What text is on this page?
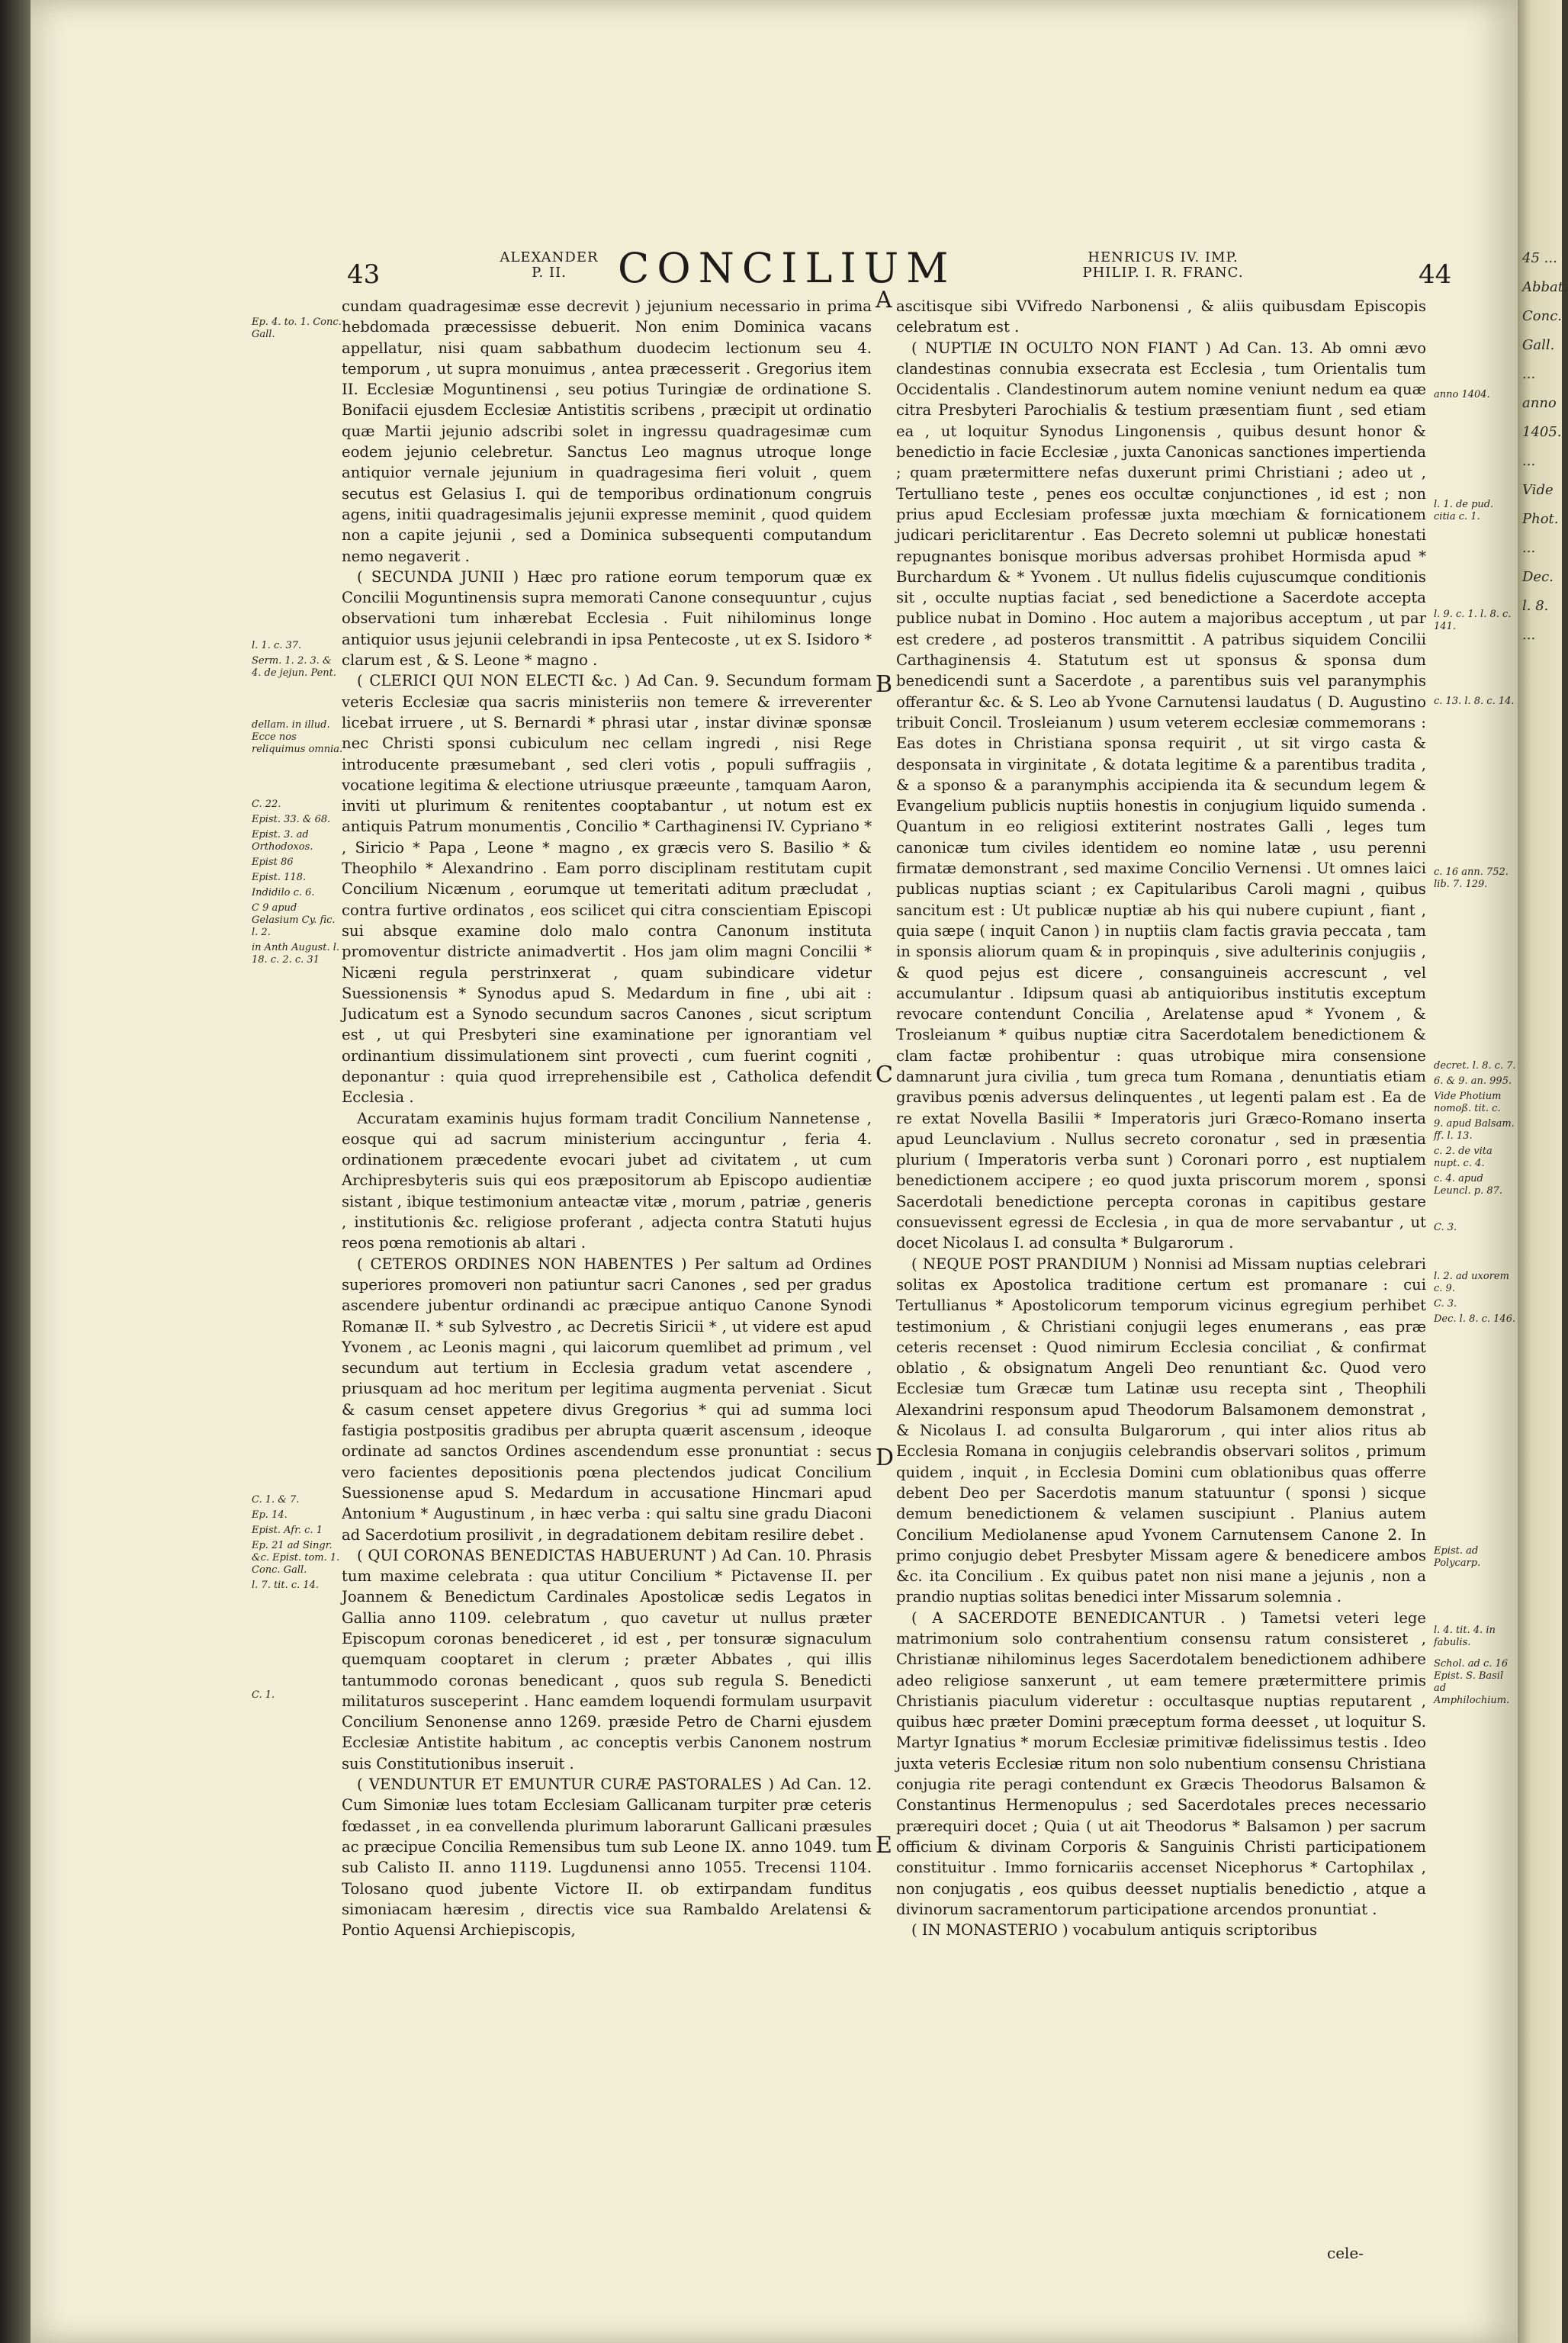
43
ALEXANDER
P. II.	CONCILIUM	HENRICUS IV. IMP.
PHILIP. I. R. FRANC.	44
Ep. 4. to. 1. Conc. Gall.
l. 1. c. 37.
Serm. 1. 2. 3. & 4. de jejun. Pent.
dellam. in illud. Ecce nos reliquimus omnia.
C. 22.
Epist. 33. & 68.
Epist. 3. ad Orthodoxos.
Epist 86
Epist. 118.
Indidilo c. 6.
C 9 apud Gelasium Cy. fic. l. 2.
in Anth August. l. 18. c. 2. c. 31
C. 1. & 7.
Ep. 14.
Epist. Afr. c. 1
Ep. 21 ad Singr. &c. Epist. tom. 1. Conc. Gall.
l. 7. tit. c. 14.
C. 1.

cundam quadragesimæ esse decrevit ) jejunium necessario in prima hebdomada præcessisse debuerit. Non enim Dominica vacans appellatur, nisi quam sabbathum duodecim lectionum seu 4. temporum , ut supra monuimus , antea præcesserit . Gregorius item II. Ecclesiæ Moguntinensi , seu potius Turingiæ de ordinatione S. Bonifacii ejusdem Ecclesiæ Antistitis scribens , præcipit ut ordinatio quæ Martii jejunio adscribi solet in ingressu quadragesimæ cum eodem jejunio celebretur. Sanctus Leo magnus utroque longe antiquior vernale jejunium in quadragesima fieri voluit , quem secutus est Gelasius I. qui de temporibus ordinationum congruis agens, initii quadragesimalis jejunii expresse meminit , quod quidem non a capite jejunii , sed a Dominica subsequenti computandum nemo negaverit .

( SECUNDA JUNII ) Hæc pro ratione eorum temporum quæ ex Concilii Moguntinensis supra memorati Canone consequuntur , cujus observationi tum inhærebat Ecclesia . Fuit nihilominus longe antiquior usus jejunii celebrandi in ipsa Pentecoste , ut ex S. Isidoro * clarum est , & S. Leone * magno .

( CLERICI QUI NON ELECTI &c. ) Ad Can. 9. Secundum formam veteris Ecclesiæ qua sacris ministeriis non temere & irreverenter licebat irruere , ut S. Bernardi * phrasi utar , instar divinæ sponsæ nec Christi sponsi cubiculum nec cellam ingredi , nisi Rege introducente præsumebant , sed cleri votis , populi suffragiis , vocatione legitima & electione utriusque præeunte , tamquam Aaron, inviti ut plurimum & renitentes cooptabantur , ut notum est ex antiquis Patrum monumentis , Concilio * Carthaginensi IV. Cypriano * , Siricio * Papa , Leone * magno , ex græcis vero S. Basilio * & Theophilo * Alexandrino . Eam porro disciplinam restitutam cupit Concilium Nicænum , eorumque ut temeritati aditum præcludat , contra furtive ordinatos , eos scilicet qui citra conscientiam Episcopi sui absque examine dolo malo contra Canonum instituta promoventur districte animadvertit . Hos jam olim magni Concilii * Nicæni regula perstrinxerat , quam subindicare videtur Suessionensis * Synodus apud S. Medardum in fine , ubi ait : Judicatum est a Synodo secundum sacros Canones , sicut scriptum est , ut qui Presbyteri sine examinatione per ignorantiam vel ordinantium dissimulationem sint provecti , cum fuerint cogniti , deponantur : quia quod irreprehensibile est , Catholica defendit Ecclesia .

Accuratam examinis hujus formam tradit Concilium Nannetense , eosque qui ad sacrum ministerium accinguntur , feria 4. ordinationem præcedente evocari jubet ad civitatem , ut cum Archipresbyteris suis qui eos præpositorum ab Episcopo audientiæ sistant , ibique testimonium anteactæ vitæ , morum , patriæ , generis , institutionis &c. religiose proferant , adjecta contra Statuti hujus reos pœna remotionis ab altari .

( CETEROS ORDINES NON HABENTES ) Per saltum ad Ordines superiores promoveri non patiuntur sacri Canones , sed per gradus ascendere jubentur ordinandi ac præcipue antiquo Canone Synodi Romanæ II. * sub Sylvestro , ac Decretis Siricii * , ut videre est apud Yvonem , ac Leonis magni , qui laicorum quemlibet ad primum , vel secundum aut tertium in Ecclesia gradum vetat ascendere , priusquam ad hoc meritum per legitima augmenta perveniat . Sicut & casum censet appetere divus Gregorius * qui ad summa loci fastigia postpositis gradibus per abrupta quærit ascensum , ideoque ordinate ad sanctos Ordines ascendendum esse pronuntiat : secus vero facientes depositionis pœna plectendos judicat Concilium Suessionense apud S. Medardum in accusatione Hincmari apud Antonium * Augustinum , in hæc verba : qui saltu sine gradu Diaconi ad Sacerdotium prosilivit , in degradationem debitam resilire debet .

( QUI CORONAS BENEDICTAS HABUERUNT ) Ad Can. 10. Phrasis tum maxime celebrata : qua utitur Concilium * Pictavense II. per Joannem & Benedictum Cardinales Apostolicæ sedis Legatos in Gallia anno 1109. celebratum , quo cavetur ut nullus præter Episcopum coronas benediceret , id est , per tonsuræ signaculum quemquam cooptaret in clerum ; præter Abbates , qui illis tantummodo coronas benedicant , quos sub regula S. Benedicti militaturos susceperint . Hanc eamdem loquendi formulam usurpavit Concilium Senonense anno 1269. præside Petro de Charni ejusdem Ecclesiæ Antistite habitum , ac conceptis verbis Canonem nostrum suis Constitutionibus inseruit .

( VENDUNTUR ET EMUNTUR CURÆ PASTORALES ) Ad Can. 12. Cum Simoniæ lues totam Ecclesiam Gallicanam turpiter præ ceteris fœdasset , in ea convellenda plurimum laborarunt Gallicani præsules ac præcipue Concilia Remensibus tum sub Leone IX. anno 1049. tum sub Calisto II. anno 1119. Lugdunensi anno 1055. Trecensi 1104. Tolosano quod jubente Victore II. ob extirpandam funditus simoniacam hæresim , directis vice sua Rambaldo Arelatensi & Pontio Aquensi Archiepiscopis,

A
B
C
D
E

ascitisque sibi VVifredo Narbonensi , & aliis quibusdam Episcopis celebratum est .

( NUPTIÆ IN OCULTO NON FIANT ) Ad Can. 13. Ab omni ævo clandestinas connubia exsecrata est Ecclesia , tum Orientalis tum Occidentalis . Clandestinorum autem nomine veniunt nedum ea quæ citra Presbyteri Parochialis & testium præsentiam fiunt , sed etiam ea , ut loquitur Synodus Lingonensis , quibus desunt honor & benedictio in facie Ecclesiæ , juxta Canonicas sanctiones impertienda ; quam prætermittere nefas duxerunt primi Christiani ; adeo ut , Tertulliano teste , penes eos occultæ conjunctiones , id est ; non prius apud Ecclesiam professæ juxta mœchiam & fornicationem judicari periclitarentur . Eas Decreto solemni ut publicæ honestati repugnantes bonisque moribus adversas prohibet Hormisda apud * Burchardum & * Yvonem . Ut nullus fidelis cujuscumque conditionis sit , occulte nuptias faciat , sed benedictione a Sacerdote accepta publice nubat in Domino . Hoc autem a majoribus acceptum , ut par est credere , ad posteros transmittit . A patribus siquidem Concilii Carthaginensis 4. Statutum est ut sponsus & sponsa dum benedicendi sunt a Sacerdote , a parentibus suis vel paranymphis offerantur &c. & S. Leo ab Yvone Carnutensi laudatus ( D. Augustino tribuit Concil. Trosleianum ) usum veterem ecclesiæ commemorans : Eas dotes in Christiana sponsa requirit , ut sit virgo casta & desponsata in virginitate , & dotata legitime & a parentibus tradita , & a sponso & a paranymphis accipienda ita & secundum legem & Evangelium publicis nuptiis honestis in conjugium liquido sumenda . Quantum in eo religiosi extiterint nostrates Galli , leges tum canonicæ tum civiles identidem eo nomine latæ , usu perenni firmatæ demonstrant , sed maxime Concilio Vernensi . Ut omnes laici publicas nuptias sciant ; ex Capitularibus Caroli magni , quibus sancitum est : Ut publicæ nuptiæ ab his qui nubere cupiunt , fiant , quia sæpe ( inquit Canon ) in nuptiis clam factis gravia peccata , tam in sponsis aliorum quam & in propinquis , sive adulterinis conjugiis , & quod pejus est dicere , consanguineis accrescunt , vel accumulantur . Idipsum quasi ab antiquioribus institutis exceptum revocare contendunt Concilia , Arelatense apud * Yvonem , & Trosleianum * quibus nuptiæ citra Sacerdotalem benedictionem & clam factæ prohibentur : quas utrobique mira consensione damnarunt jura civilia , tum greca tum Romana , denuntiatis etiam gravibus pœnis adversus delinquentes , ut legenti palam est . Ea de re extat Novella Basilii * Imperatoris juri Græco-Romano inserta apud Leunclavium . Nullus secreto coronatur , sed in præsentia plurium ( Imperatoris verba sunt ) Coronari porro , est nuptialem benedictionem accipere ; eo quod juxta priscorum morem , sponsi Sacerdotali benedictione percepta coronas in capitibus gestare consuevissent egressi de Ecclesia , in qua de more servabantur , ut docet Nicolaus I. ad consulta * Bulgarorum .

( NEQUE POST PRANDIUM ) Nonnisi ad Missam nuptias celebrari solitas ex Apostolica traditione certum est promanare : cui Tertullianus * Apostolicorum temporum vicinus egregium perhibet testimonium , & Christiani conjugii leges enumerans , eas præ ceteris recenset : Quod nimirum Ecclesia conciliat , & confirmat oblatio , & obsignatum Angeli Deo renuntiant &c. Quod vero Ecclesiæ tum Græcæ tum Latinæ usu recepta sint , Theophili Alexandrini responsum apud Theodorum Balsamonem demonstrat , & Nicolaus I. ad consulta Bulgarorum , qui inter alios ritus ab Ecclesia Romana in conjugiis celebrandis observari solitos , primum quidem , inquit , in Ecclesia Domini cum oblationibus quas offerre debent Deo per Sacerdotis manum statuuntur ( sponsi ) sicque demum benedictionem & velamen suscipiunt . Planius autem Concilium Mediolanense apud Yvonem Carnutensem Canone 2. In primo conjugio debet Presbyter Missam agere & benedicere ambos &c. ita Concilium . Ex quibus patet non nisi mane a jejunis , non a prandio nuptias solitas benedici inter Missarum solemnia .

( A SACERDOTE BENEDICANTUR . ) Tametsi veteri lege matrimonium solo contrahentium consensu ratum consisteret , Christianæ nihilominus leges Sacerdotalem benedictionem adhibere adeo religiose sanxerunt , ut eam temere prætermittere primis Christianis piaculum videretur : occultasque nuptias reputarent , quibus hæc præter Domini præceptum forma deesset , ut loquitur S. Martyr Ignatius * morum Ecclesiæ primitivæ fidelissimus testis . Ideo juxta veteris Ecclesiæ ritum non solo nubentium consensu Christiana conjugia rite peragi contendunt ex Græcis Theodorus Balsamon & Constantinus Hermenopulus ; sed Sacerdotales preces necessario prærequiri docet ; Quia ( ut ait Theodorus * Balsamon ) per sacrum officium & divinam Corporis & Sanguinis Christi participationem constituitur . Immo fornicariis accenset Nicephorus * Cartophilax , non conjugatis , eos quibus deesset nuptialis benedictio , atque a divinorum sacramentorum participatione arcendos pronuntiat .

( IN MONASTERIO ) vocabulum antiquis scriptoribus

cele-
anno 1404.
l. 1. de pud. citia c. 1.
l. 9. c. 1. l. 8. c. 141.
c. 13. l. 8. c. 14.
c. 16 ann. 752. lib. 7. 129.
decret. l. 8. c. 7.
6. & 9. an. 995.
Vide Photium nomoß. tit. c.
9. apud Balsam. ff. l. 13.
c. 2. de vita nupt. c. 4.
c. 4. apud Leuncl. p. 87.
C. 3.
l. 2. ad uxorem c. 9.
C. 3.
Dec. l. 8. c. 146.
Epist. ad Polycarp.
l. 4. tit. 4. in fabulis.
Schol. ad c. 16 Epist. S. Basil ad Amphilochium.
45 ... Abbat. Conc. Gall. ... anno 1405. ... Vide Phot. ... Dec. l. 8. ...
